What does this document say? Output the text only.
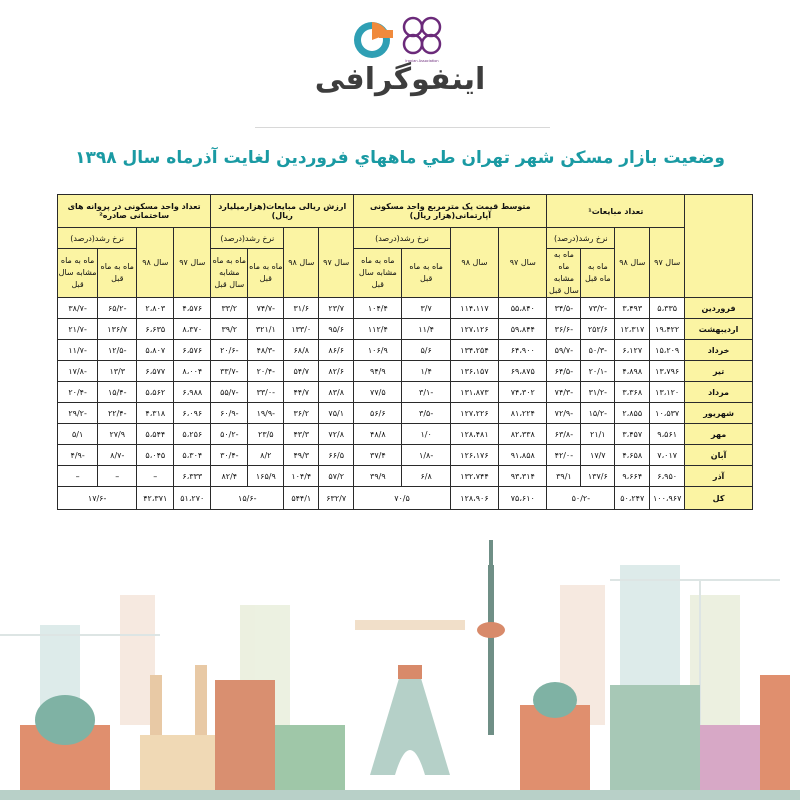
Iranian Association
اینفوگرافی
وضعیت بازار مسکن شهر تهران طي ماههاي فروردین لغایت آذرماه سال ۱۳۹۸
	تعداد مبایعات¹				متوسط قیمت یک مترمربع واحد مسکونی آپارتمانی(هزار ریال)				ارزش ریالی مبایعات(هزارمیلیارد ریال)				تعداد واحد مسکونی در پروانه های ساختمانی صادره²			
	سال ۹۷	سال ۹۸	نرخ رشد(درصد)		سال ۹۷	سال ۹۸	نرخ رشد(درصد)		سال ۹۷	سال ۹۸	نرخ رشد(درصد)		سال ۹۷	سال ۹۸	نرخ رشد(درصد)	
			ماه به ماه قبل	ماه به ماه مشابه سال قبل			ماه به ماه قبل	ماه به ماه مشابه سال قبل			ماه به ماه قبل	ماه به ماه مشابه سال قبل			ماه به ماه قبل	ماه به ماه مشابه سال قبل
فروردین	۵،۳۳۵	۳،۴۹۳	-۷۳/۲	-۳۴/۵	۵۵،۸۴۰	۱۱۴،۱۱۷	۳/۷	۱۰۴/۴	۲۳/۷	۳۱/۶	-۷۴/۷	۳۳/۲	۴،۵۷۶	۲،۸۰۳	-۶۵/۲	-۳۸/۷
اردیبهشت	۱۹،۴۲۲	۱۲،۳۱۷	۲۵۲/۶	-۳۶/۶	۵۹،۸۴۴	۱۲۷،۱۲۶	۱۱/۴	۱۱۲/۴	۹۵/۶	۱۳۳/۰	۳۲۱/۱	۳۹/۲	۸،۳۷۰	۶،۶۳۵	۱۳۶/۷	-۲۱/۷
خرداد	۱۵،۲۰۹	۶،۱۲۷	-۵۰/۳	-۵۹/۷	۶۴،۹۰۰	۱۳۴،۲۵۴	۵/۶	۱۰۶/۹	۸۶/۶	۶۸/۸	-۴۸/۳	-۲۰/۶	۶،۵۷۶	۵،۸۰۷	-۱۲/۵	-۱۱/۷
تیر	۱۳،۷۹۶	۴،۸۹۸	-۲۰/۱	-۶۴/۵	۶۹،۸۷۵	۱۳۶،۱۵۷	۱/۴	۹۴/۹	۸۲/۶	۵۴/۷	-۲۰/۴	-۳۳/۷	۸،۰۰۴	۶،۵۷۷	۱۳/۳	-۱۷/۸
مرداد	۱۳،۱۲۰	۳،۳۶۸	-۳۱/۲	-۷۴/۳	۷۴،۳۰۲	۱۳۱،۸۷۳	-۳/۱	۷۷/۵	۸۳/۸	۴۴/۷	-۳۳/۰	-۵۵/۷	۶،۹۸۸	۵،۵۶۲	-۱۵/۴	-۲۰/۴
شهریور	۱۰،۵۳۷	۲،۸۵۵	-۱۵/۲	-۷۲/۹	۸۱،۲۲۴	۱۲۷،۲۲۶	-۳/۵	۵۶/۶	۷۵/۱	۳۶/۲	-۱۹/۹	-۶۰/۹	۶،۰۹۶	۴،۳۱۸	-۲۲/۴	-۲۹/۲
مهر	۹،۵۶۱	۳،۴۵۷	۲۱/۱	-۶۳/۸	۸۲،۳۳۸	۱۲۸،۴۸۱	۱/۰	۴۸/۸	۷۲/۸	۴۳/۳	۲۳/۵	-۵۰/۲	۵،۲۵۶	۵،۵۴۴	۲۷/۹	۵/۱
آبان	۷،۰۱۷	۴،۶۵۸	۱۷/۷	-۴۲/۰	۹۱،۸۵۸	۱۲۶،۱۷۶	-۱/۸	۳۷/۴	۶۶/۵	۴۹/۳	۸/۲	-۳۰/۴	۵،۳۰۴	۵،۰۴۵	-۸/۷	-۴/۹
آذر	۶،۹۵۰	۹،۶۶۴	۱۳۷/۶	۳۹/۱	۹۳،۳۱۴	۱۳۲،۷۴۴	۶/۸	۳۹/۹	۵۷/۲	۱۰۴/۴	۱۶۵/۹	۸۲/۴	۶،۳۳۳	–	–	–
کل	۱۰۰،۹۶۷	۵۰،۲۴۷	-۵۰/۲		۷۵،۶۱۰	۱۲۸،۹۰۶	۷۰/۵		۶۳۲/۷	۵۴۴/۱	-۱۵/۶		۵۱،۲۷۰	۴۲،۳۷۱	-۱۷/۶	
